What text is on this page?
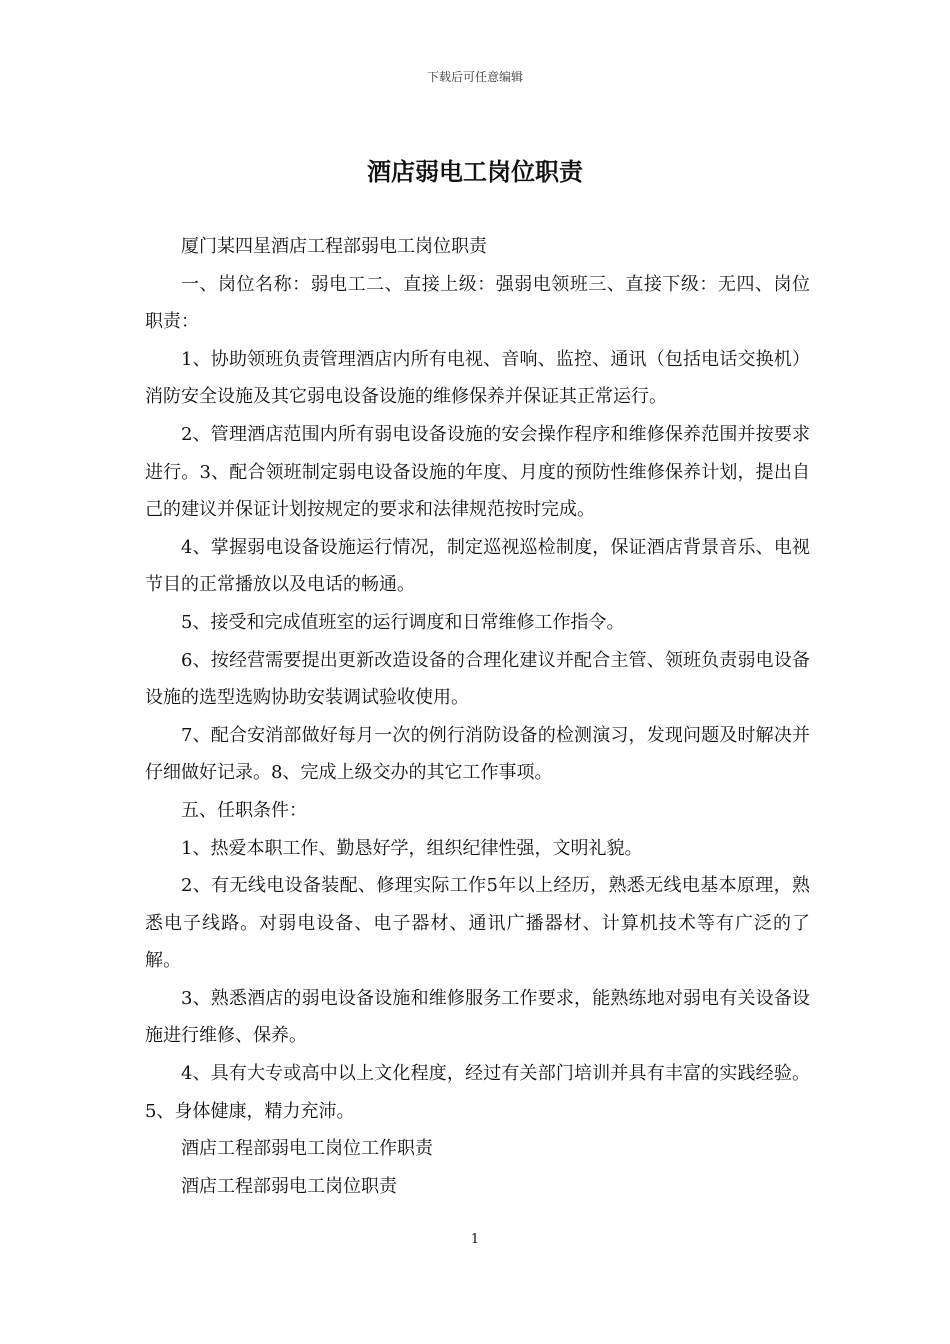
下载后可任意编辑
酒店弱电工岗位职责

厦门某四星酒店工程部弱电工岗位职责

一、岗位名称：弱电工二、直接上级：强弱电领班三、直接下级：无四、岗位职责：

1、协助领班负责管理酒店内所有电视、音响、监控、通讯（包括电话交换机）消防安全设施及其它弱电设备设施的维修保养并保证其正常运行。

2、管理酒店范围内所有弱电设备设施的安会操作程序和维修保养范围并按要求进行。3、配合领班制定弱电设备设施的年度、月度的预防性维修保养计划，提出自己的建议并保证计划按规定的要求和法律规范按时完成。

4、掌握弱电设备设施运行情况，制定巡视巡检制度，保证酒店背景音乐、电视节目的正常播放以及电话的畅通。

5、接受和完成值班室的运行调度和日常维修工作指令。

6、按经营需要提出更新改造设备的合理化建议并配合主管、领班负责弱电设备设施的选型选购协助安装调试验收使用。

7、配合安消部做好每月一次的例行消防设备的检测演习，发现问题及时解决并仔细做好记录。8、完成上级交办的其它工作事项。

五、任职条件：

1、热爱本职工作、勤恳好学，组织纪律性强，文明礼貌。

2、有无线电设备装配、修理实际工作5年以上经历，熟悉无线电基本原理，熟悉电子线路。对弱电设备、电子器材、通讯广播器材、计算机技术等有广泛的了解。

3、熟悉酒店的弱电设备设施和维修服务工作要求，能熟练地对弱电有关设备设施进行维修、保养。

4、具有大专或高中以上文化程度，经过有关部门培训并具有丰富的实践经验。5、身体健康，精力充沛。

酒店工程部弱电工岗位工作职责

酒店工程部弱电工岗位职责

1
